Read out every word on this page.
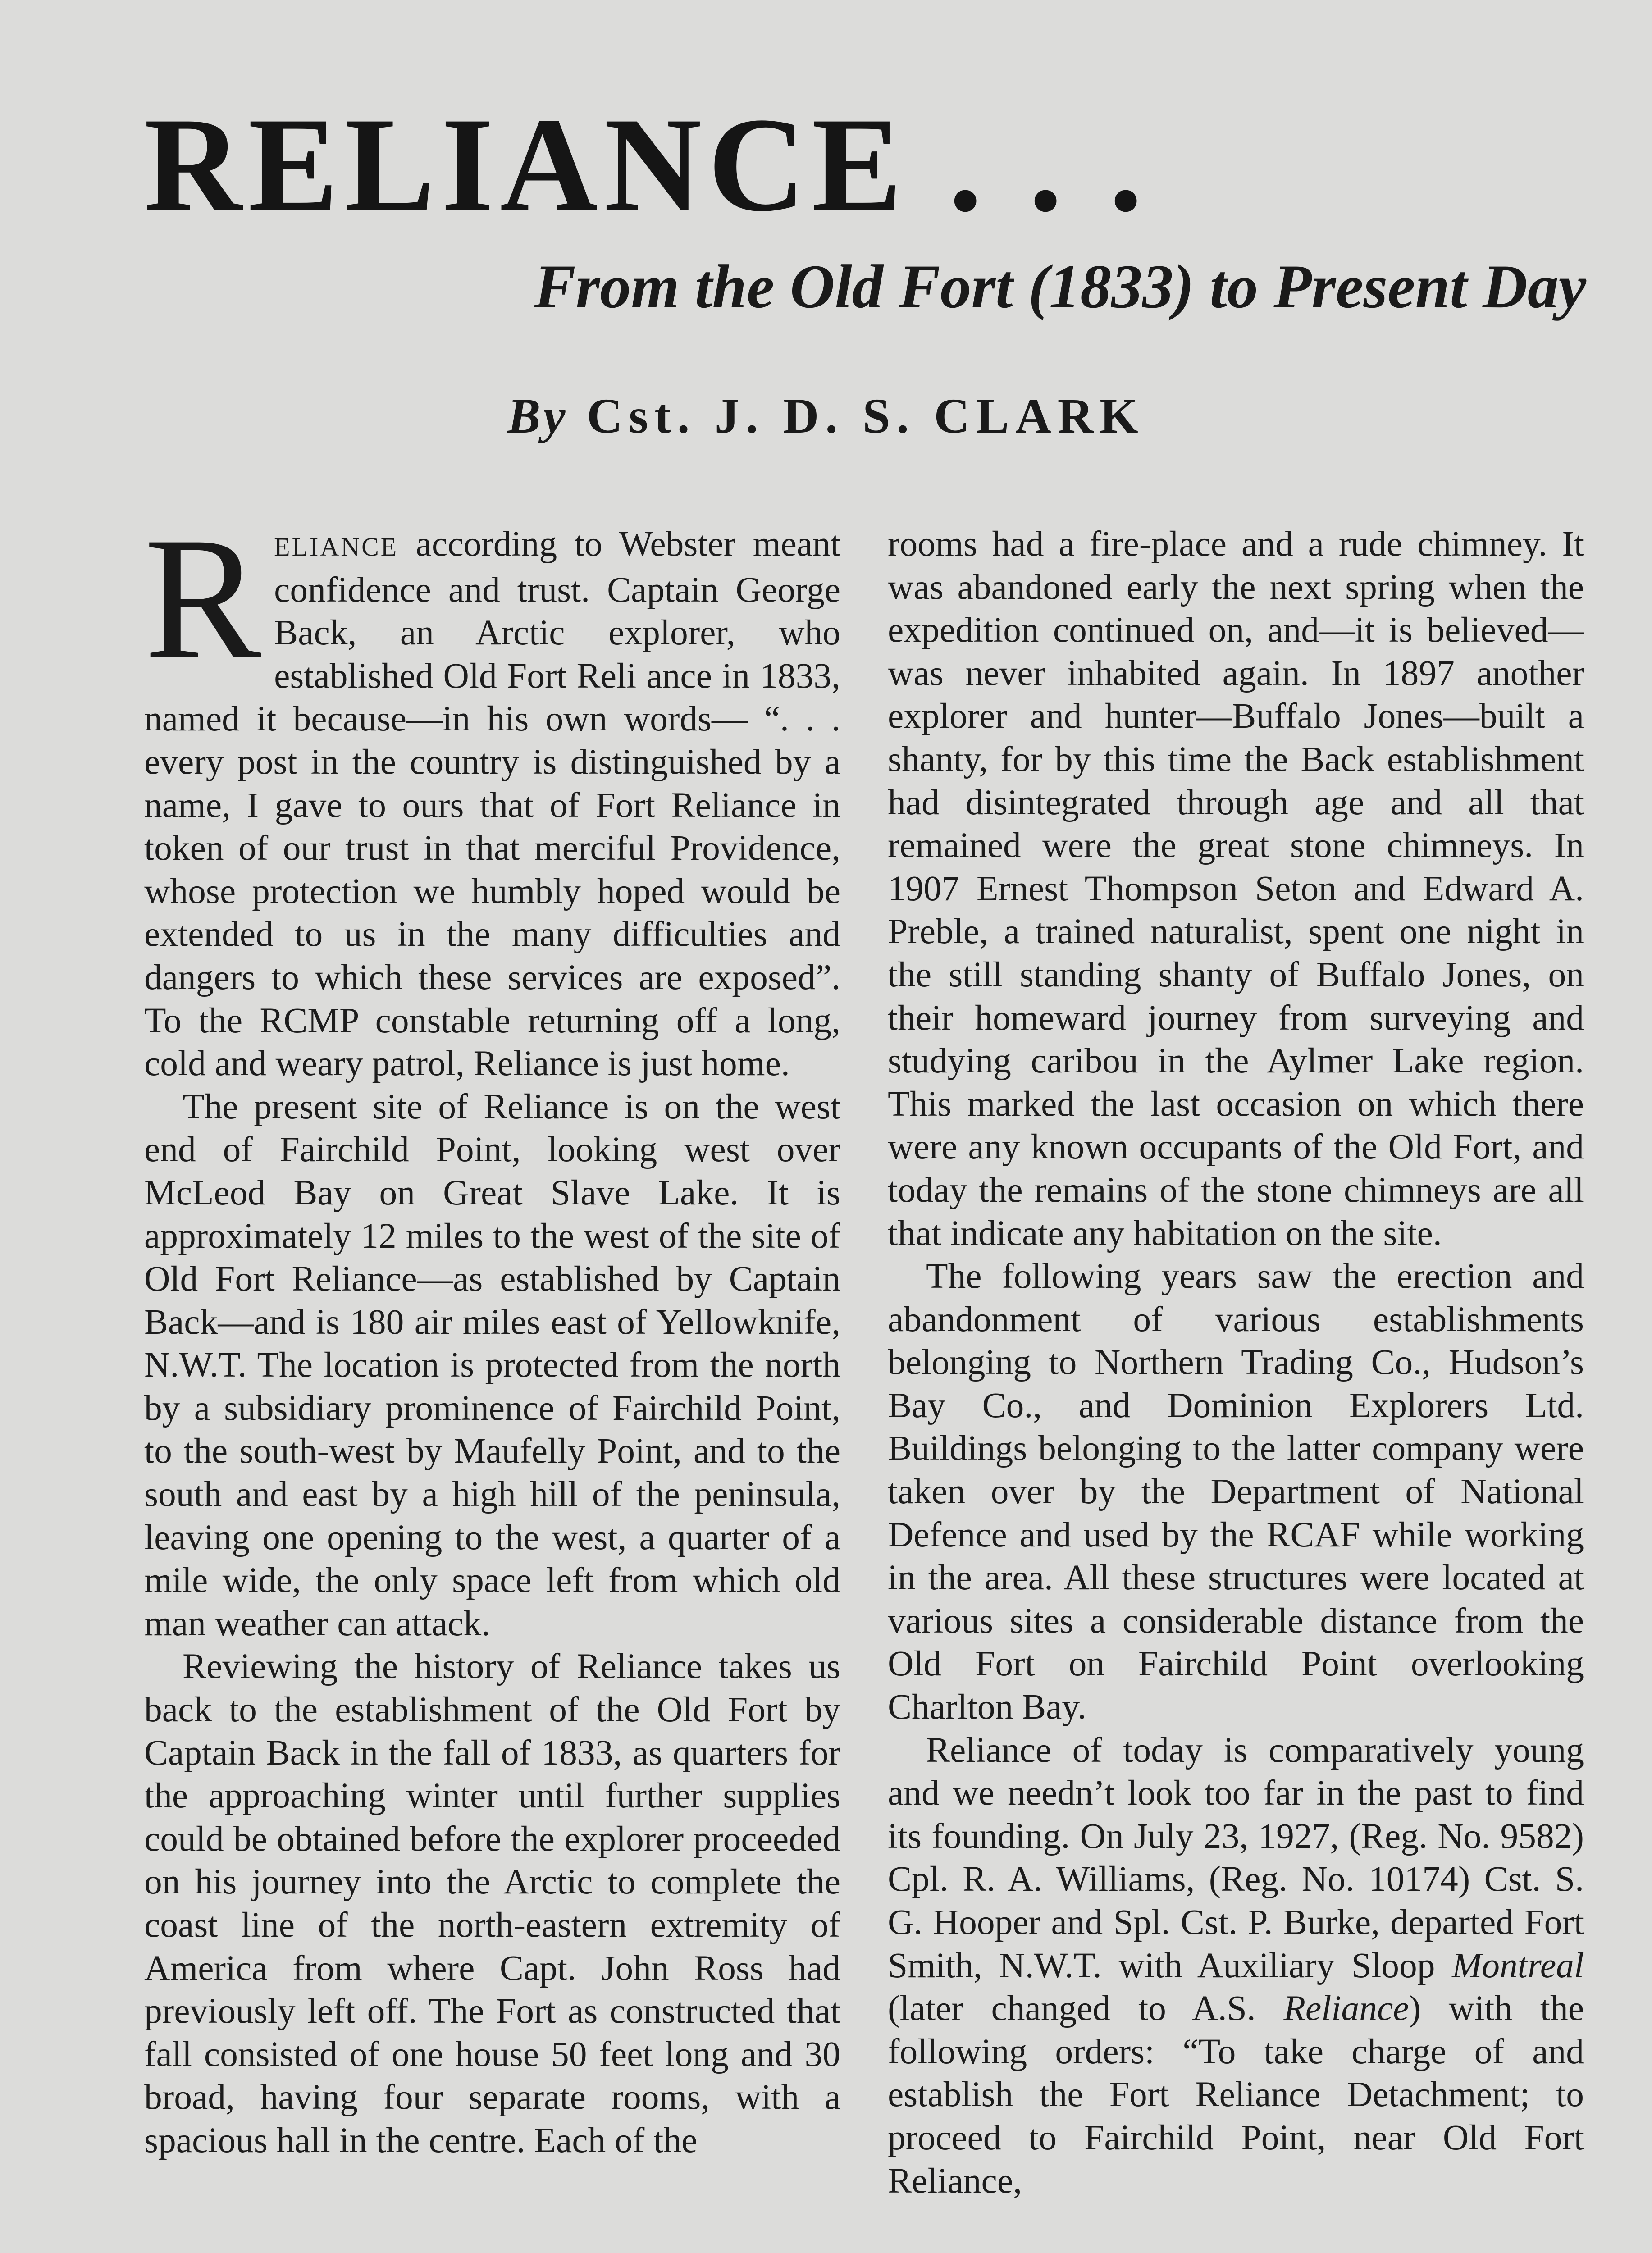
RELIANCE . . .
From the Old Fort (1833) to Present Day
By Cst. J. D. S. CLARK

RELIANCE according to Webster meant confidence and trust. Captain George Back, an Arctic explorer, who established Old Fort Reli ance in 1833, named it because—in his own words— “. . . every post in the country is distinguished by a name, I gave to ours that of Fort Reliance in token of our trust in that merciful Providence, whose protection we humbly hoped would be extended to us in the many difficulties and dangers to which these services are exposed”. To the RCMP constable returning off a long, cold and weary patrol, Reliance is just home.

The present site of Reliance is on the west end of Fairchild Point, looking west over McLeod Bay on Great Slave Lake. It is approximately 12 miles to the west of the site of Old Fort Reliance—as established by Captain Back—and is 180 air miles east of Yellowknife, N.W.T. The location is protected from the north by a subsidiary prominence of Fairchild Point, to the south-west by Maufelly Point, and to the south and east by a high hill of the peninsula, leaving one opening to the west, a quarter of a mile wide, the only space left from which old man weather can attack.

Reviewing the history of Reliance takes us back to the establishment of the Old Fort by Captain Back in the fall of 1833, as quarters for the approaching winter until further supplies could be obtained before the explorer proceeded on his journey into the Arctic to complete the coast line of the north-eastern extremity of America from where Capt. John Ross had previously left off. The Fort as constructed that fall consisted of one house 50 feet long and 30 broad, having four separate rooms, with a spacious hall in the centre. Each of the

rooms had a fire-place and a rude chimney. It was abandoned early the next spring when the expedition continued on, and—it is believed—was never inhabited again. In 1897 another explorer and hunter—Buffalo Jones—built a shanty, for by this time the Back establishment had disintegrated through age and all that remained were the great stone chimneys. In 1907 Ernest Thompson Seton and Edward A. Preble, a trained naturalist, spent one night in the still standing shanty of Buffalo Jones, on their homeward journey from surveying and studying caribou in the Aylmer Lake region. This marked the last occasion on which there were any known occupants of the Old Fort, and today the remains of the stone chimneys are all that indicate any habitation on the site.

The following years saw the erection and abandonment of various establishments belonging to Northern Trading Co., Hudson’s Bay Co., and Dominion Explorers Ltd. Buildings belonging to the latter company were taken over by the Department of National Defence and used by the RCAF while working in the area. All these structures were located at various sites a considerable distance from the Old Fort on Fairchild Point overlooking Charlton Bay.

Reliance of today is comparatively young and we needn’t look too far in the past to find its founding. On July 23, 1927, (Reg. No. 9582) Cpl. R. A. Williams, (Reg. No. 10174) Cst. S. G. Hooper and Spl. Cst. P. Burke, departed Fort Smith, N.W.T. with Auxiliary Sloop Montreal (later changed to A.S. Reliance) with the following orders: “To take charge of and establish the Fort Reliance Detachment; to proceed to Fairchild Point, near Old Fort Reliance,
